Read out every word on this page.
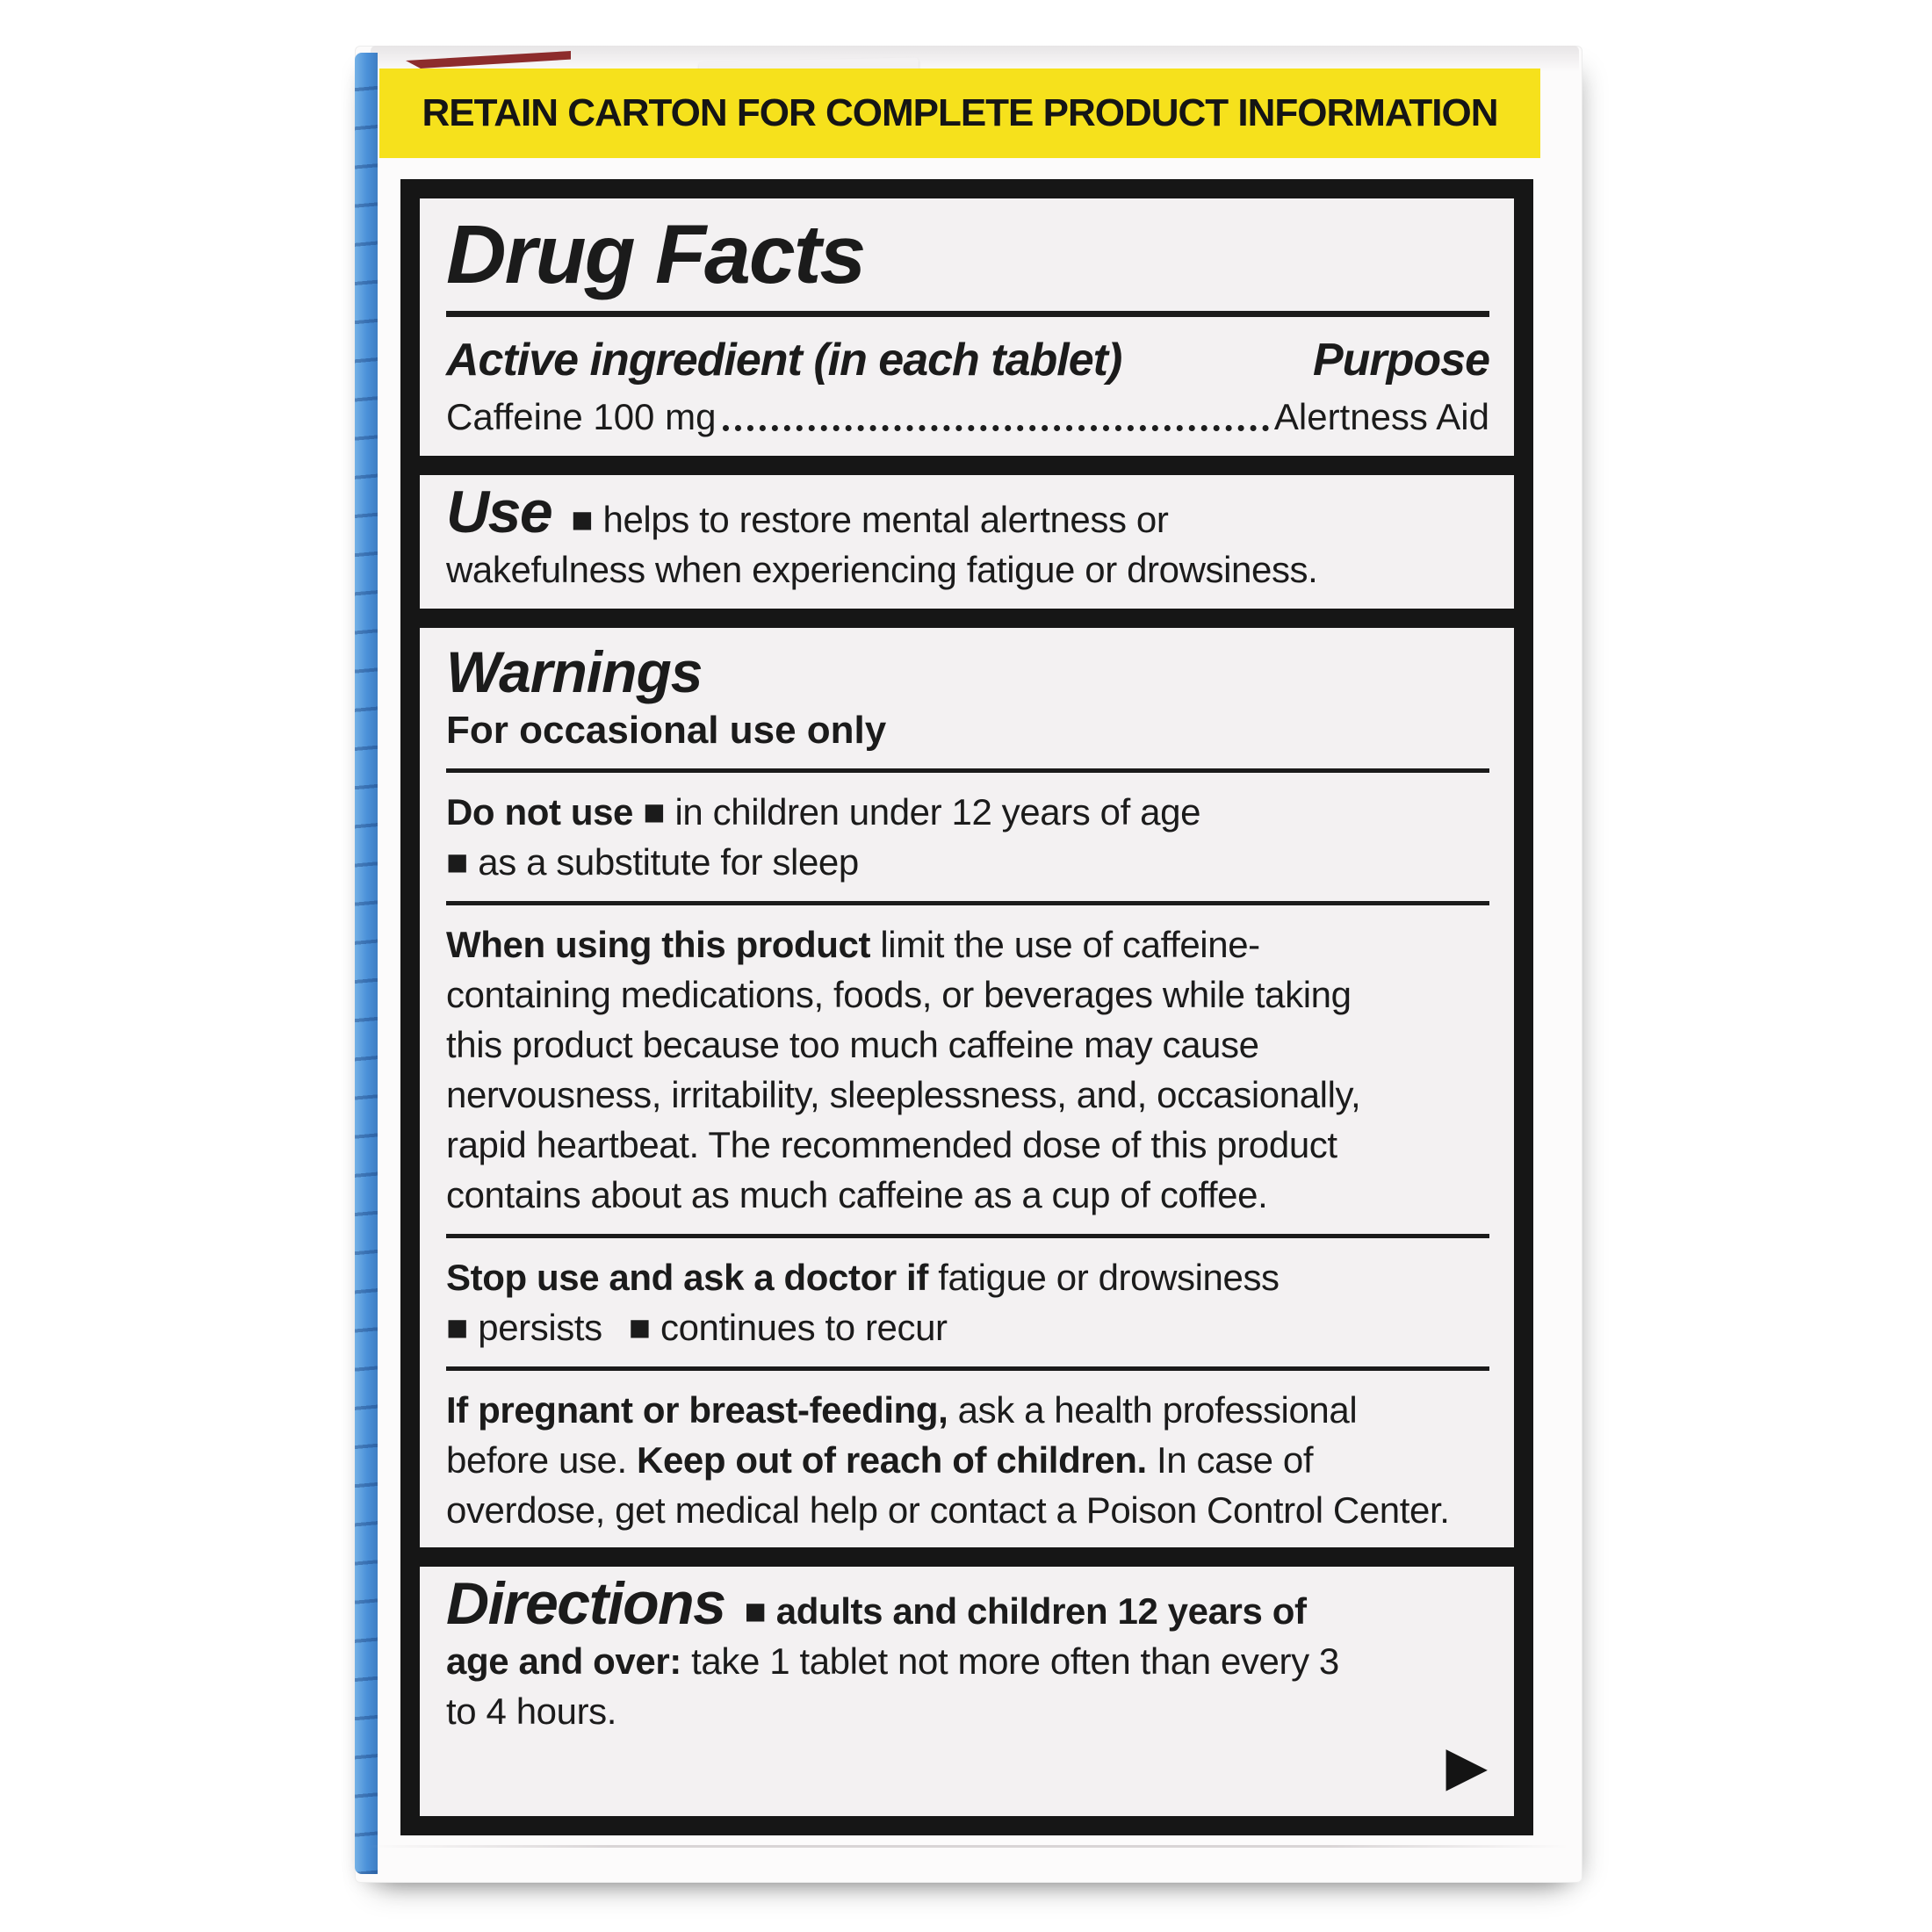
RETAIN CARTON FOR COMPLETE PRODUCT INFORMATION
Drug Facts
Active ingredient (in each tablet)	Purpose
Caffeine 100 mg	Alertness Aid
Use ■ helps to restore mental alertness or
wakefulness when experiencing fatigue or drowsiness.
Warnings
For occasional use only
Do not use ■ in children under 12 years of age
■ as a substitute for sleep
When using this product limit the use of caffeine-
containing medications, foods, or beverages while taking
this product because too much caffeine may cause
nervousness, irritability, sleeplessness, and, occasionally,
rapid heartbeat. The recommended dose of this product
contains about as much caffeine as a cup of coffee.
Stop use and ask a doctor if fatigue or drowsiness
■ persists ■ continues to recur
If pregnant or breast-feeding, ask a health professional
before use. Keep out of reach of children. In case of
overdose, get medical help or contact a Poison Control Center.
Directions ■ adults and children 12 years of
age and over: take 1 tablet not more often than every 3
to 4 hours.
▶
